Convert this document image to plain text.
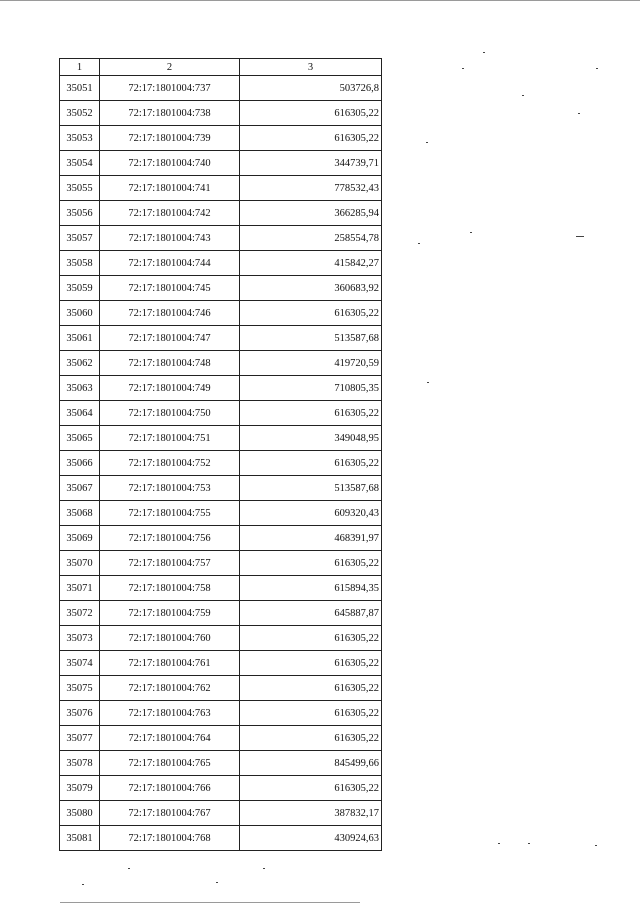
1	2	3
35051	72:17:1801004:737	503726,8
35052	72:17:1801004:738	616305,22
35053	72:17:1801004:739	616305,22
35054	72:17:1801004:740	344739,71
35055	72:17:1801004:741	778532,43
35056	72:17:1801004:742	366285,94
35057	72:17:1801004:743	258554,78
35058	72:17:1801004:744	415842,27
35059	72:17:1801004:745	360683,92
35060	72:17:1801004:746	616305,22
35061	72:17:1801004:747	513587,68
35062	72:17:1801004:748	419720,59
35063	72:17:1801004:749	710805,35
35064	72:17:1801004:750	616305,22
35065	72:17:1801004:751	349048,95
35066	72:17:1801004:752	616305,22
35067	72:17:1801004:753	513587,68
35068	72:17:1801004:755	609320,43
35069	72:17:1801004:756	468391,97
35070	72:17:1801004:757	616305,22
35071	72:17:1801004:758	615894,35
35072	72:17:1801004:759	645887,87
35073	72:17:1801004:760	616305,22
35074	72:17:1801004:761	616305,22
35075	72:17:1801004:762	616305,22
35076	72:17:1801004:763	616305,22
35077	72:17:1801004:764	616305,22
35078	72:17:1801004:765	845499,66
35079	72:17:1801004:766	616305,22
35080	72:17:1801004:767	387832,17
35081	72:17:1801004:768	430924,63
